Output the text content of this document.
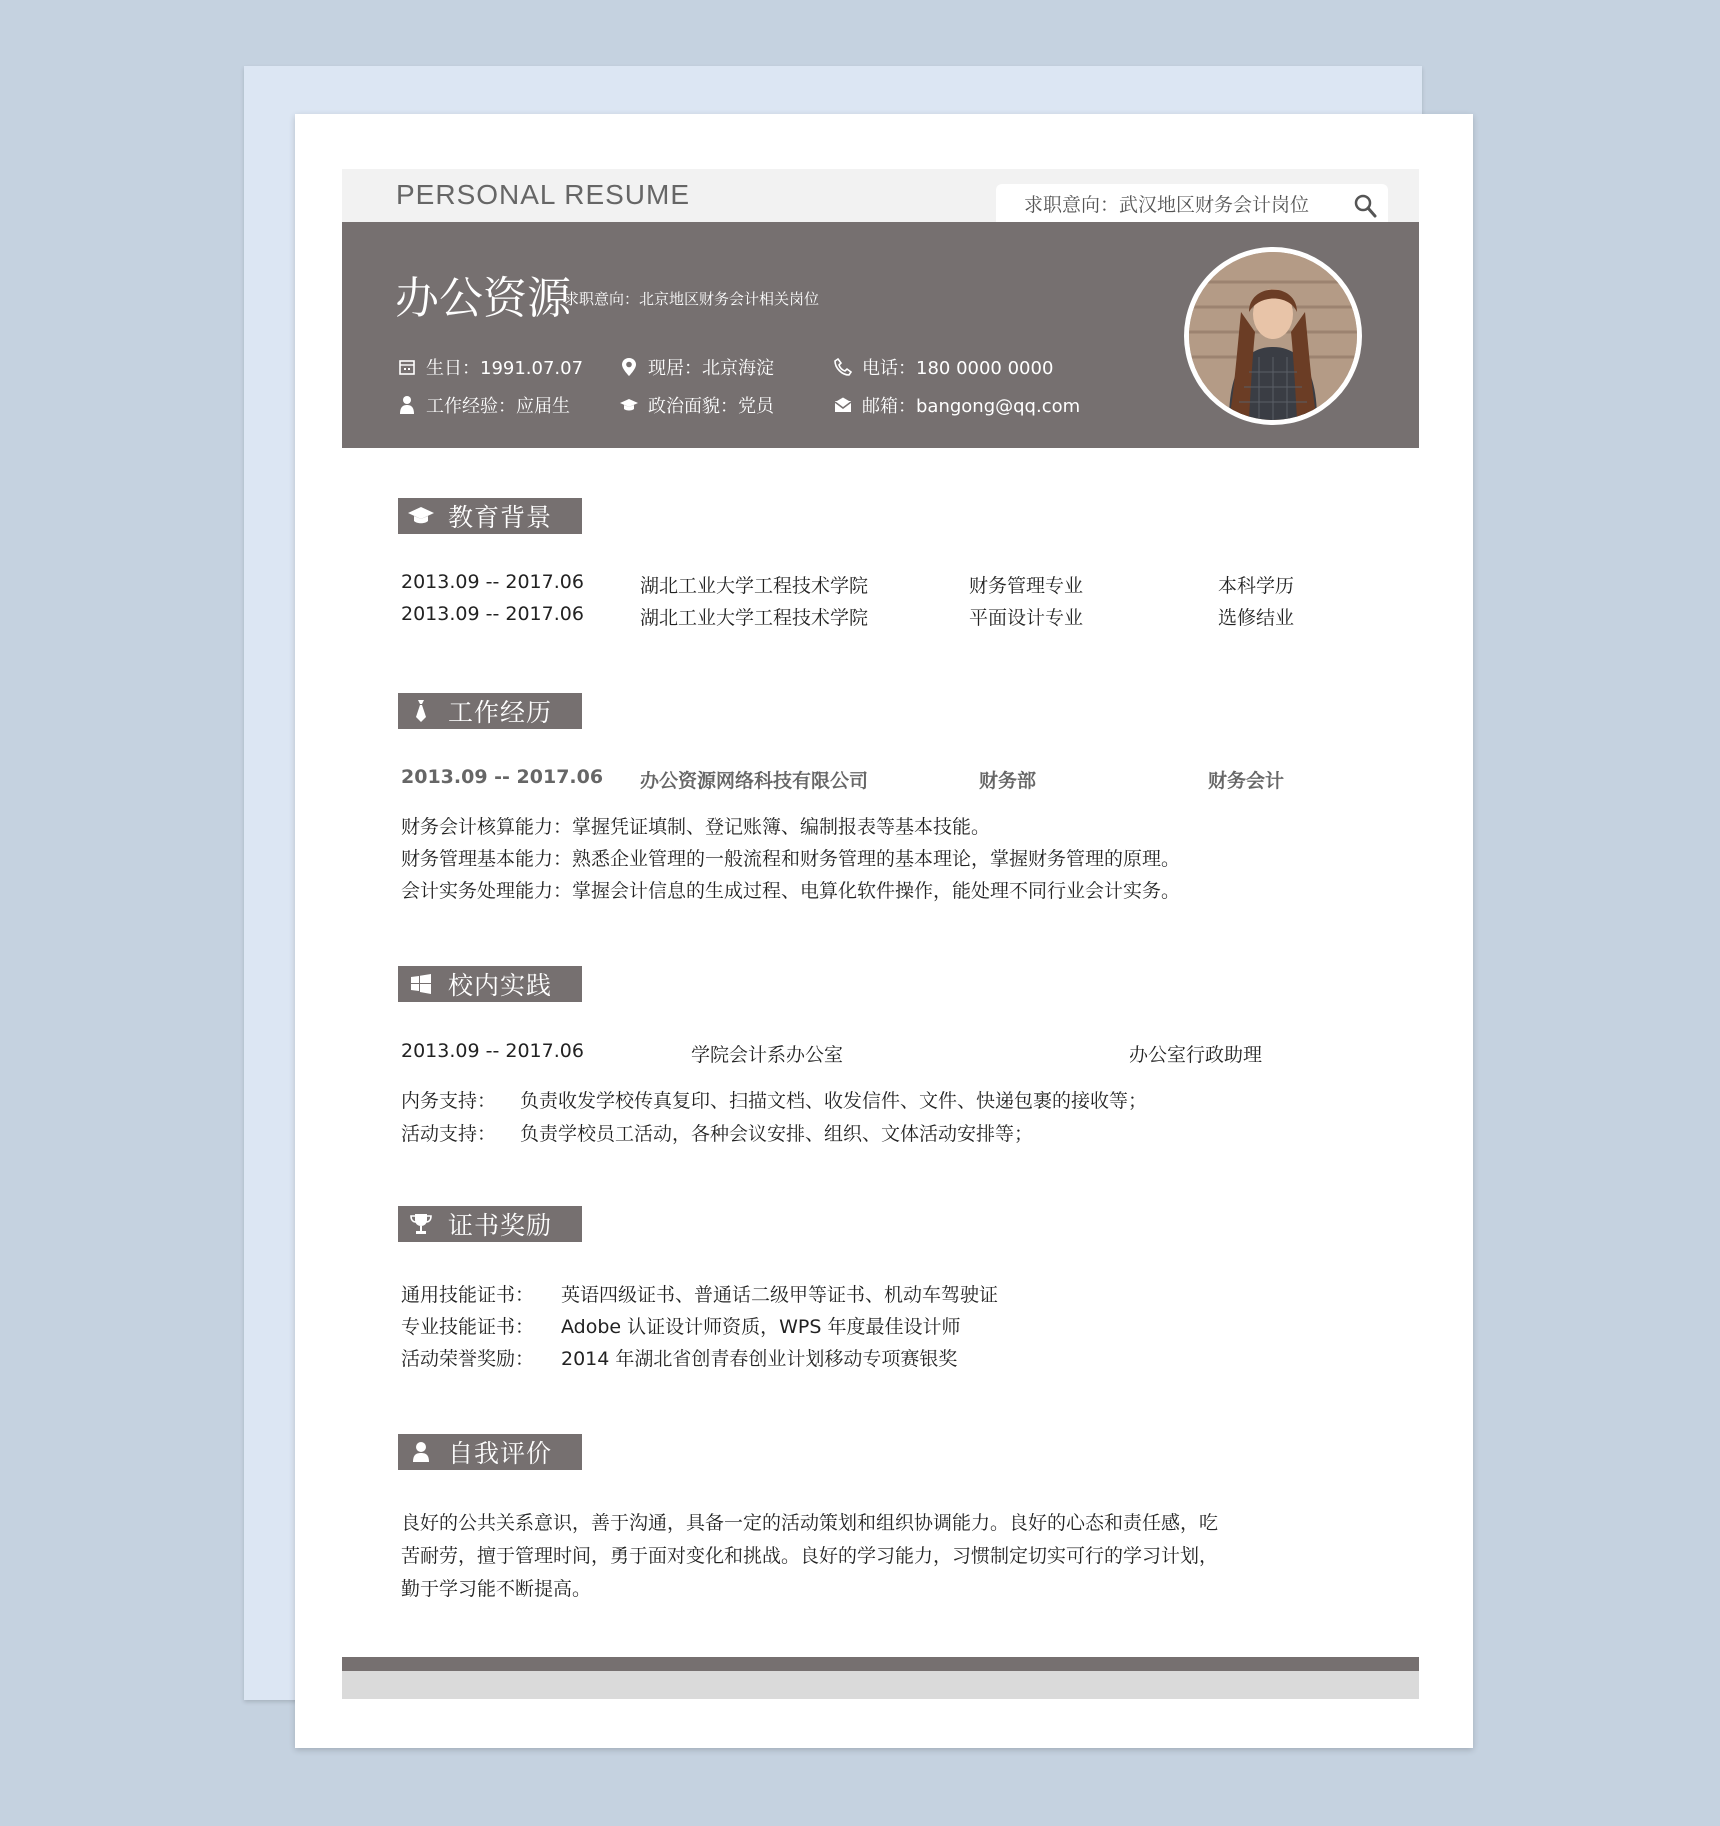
PERSONAL RESUME	求职意向：武汉地区财务会计岗位
办公资源
求职意向：北京地区财务会计相关岗位
生日：1991.07.07	现居：北京海淀	电话：180 0000 0000
工作经验：应届生	政治面貌：党员	邮箱：bangong@qq.com
教育背景
2013.09 -- 2017.06	湖北工业大学工程技术学院	财务管理专业	本科学历
2013.09 -- 2017.06	湖北工业大学工程技术学院	平面设计专业	选修结业
工作经历
2013.09 -- 2017.06 办公资源网络科技有限公司	财务部	财务会计
财务会计核算能力：掌握凭证填制、登记账簿、编制报表等基本技能。
财务管理基本能力：熟悉企业管理的一般流程和财务管理的基本理论，掌握财务管理的原理。
会计实务处理能力：掌握会计信息的生成过程、电算化软件操作，能处理不同行业会计实务。
校内实践
2013.09 -- 2017.06	学院会计系办公室	办公室行政助理
内务支持： 负责收发学校传真复印、扫描文档、收发信件、文件、快递包裹的接收等；
活动支持： 负责学校员工活动，各种会议安排、组织、文体活动安排等；
证书奖励
通用技能证书： 英语四级证书、普通话二级甲等证书、机动车驾驶证
专业技能证书： Adobe 认证设计师资质，WPS 年度最佳设计师
活动荣誉奖励： 2014 年湖北省创青春创业计划移动专项赛银奖
自我评价
良好的公共关系意识，善于沟通，具备一定的活动策划和组织协调能力。良好的心态和责任感，吃
苦耐劳，擅于管理时间，勇于面对变化和挑战。良好的学习能力，习惯制定切实可行的学习计划，
勤于学习能不断提高。
